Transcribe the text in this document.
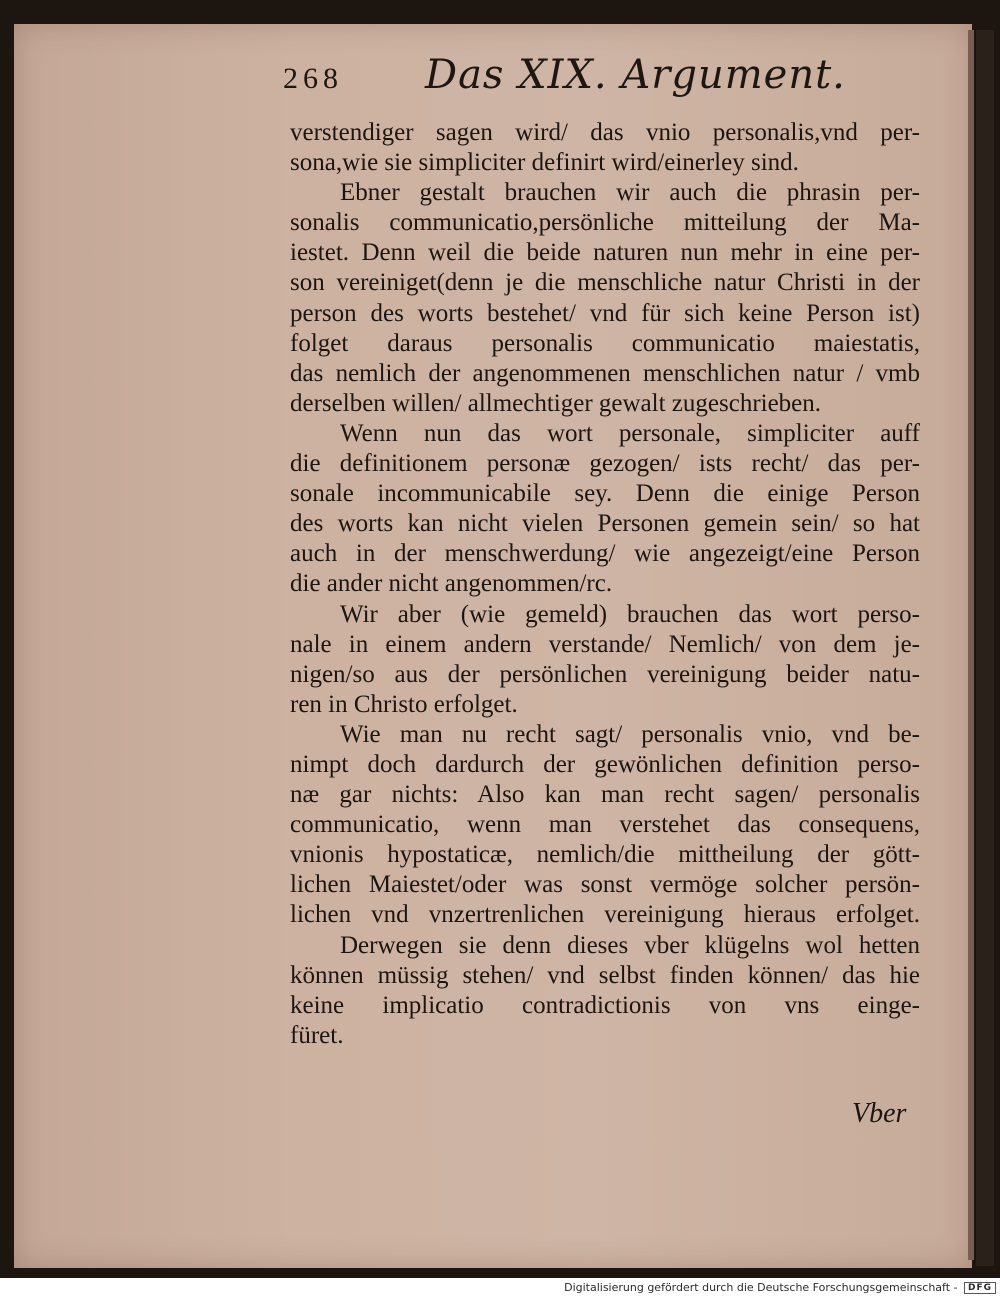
268 Das XIX. Argument.
verstendiger sagen wird/ das vnio personalis,vnd per-
sona,wie sie simpliciter definirt wird/einerley sind.
Ebner gestalt brauchen wir auch die phrasin per-
sonalis communicatio,persönliche mitteilung der Ma-
iestet. Denn weil die beide naturen nun mehr in eine per-
son vereiniget(denn je die menschliche natur Christi in der
person des worts bestehet/ vnd für sich keine Person ist)
folget daraus personalis communicatio maiestatis,
das nemlich der angenommenen menschlichen natur / vmb
derselben willen/ allmechtiger gewalt zugeschrieben.
Wenn nun das wort personale, simpliciter auff
die definitionem personæ gezogen/ ists recht/ das per-
sonale incommunicabile sey. Denn die einige Person
des worts kan nicht vielen Personen gemein sein/ so hat
auch in der menschwerdung/ wie angezeigt/eine Person
die ander nicht angenommen/rc.
Wir aber (wie gemeld) brauchen das wort perso-
nale in einem andern verstande/ Nemlich/ von dem je-
nigen/so aus der persönlichen vereinigung beider natu-
ren in Christo erfolget.
Wie man nu recht sagt/ personalis vnio, vnd be-
nimpt doch dardurch der gewönlichen definition perso-
næ gar nichts: Also kan man recht sagen/ personalis
communicatio, wenn man verstehet das consequens,
vnionis hypostaticæ, nemlich/die mittheilung der gött-
lichen Maiestet/oder was sonst vermöge solcher persön-
lichen vnd vnzertrenlichen vereinigung hieraus erfolget.
Derwegen sie denn dieses vber klügelns wol hetten
können müssig stehen/ vnd selbst finden können/ das hie
keine implicatio contradictionis von vns einge-
füret.
Vber
Digitalisierung gefördert durch die Deutsche Forschungsgemeinschaft - DFG
